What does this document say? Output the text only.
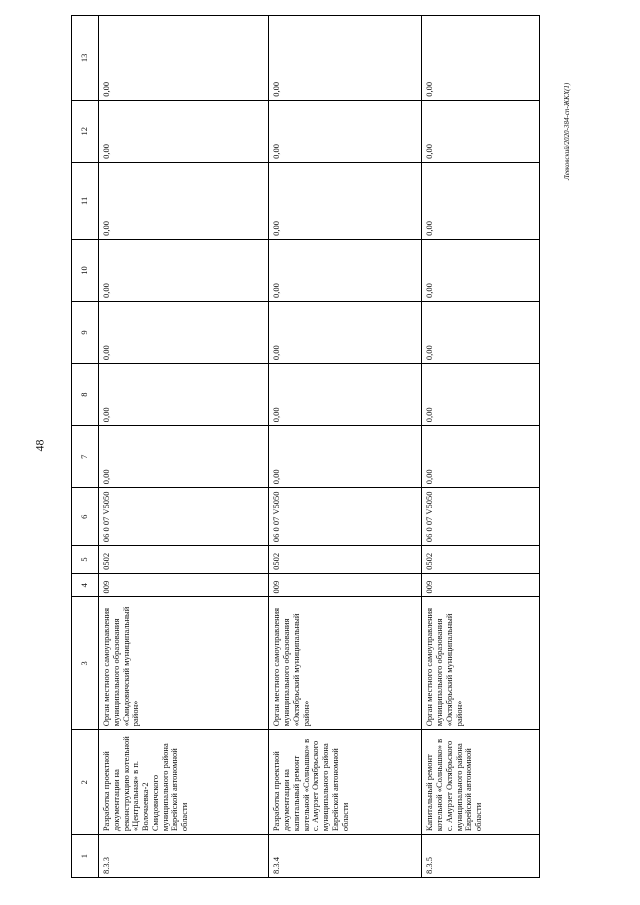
48
Левковский/2020-384-сп-ЖКХ(1)
1	2	3	4	5	6	7	8	9	10	11	12	13
8.3.3	Разработка проектной документации на реконструкцию котельной «Центральная» в п. Волочаевка-2 Смидовичского муниципального района Еврейской автономной области	Орган местного самоуправления муниципального образования «Смидовичский муниципальный район»	009	0502	06 0 07 V5050	0,00	0,00	0,00	0,00	0,00	0,00	0,00
8.3.4	Разработка проектной документации на капитальный ремонт котельной «Солнышко» в с. Амурзет Октябрьского муниципального района Еврейской автономной области	Орган местного самоуправления муниципального образования «Октябрьский муниципальный район»	009	0502	06 0 07 V5050	0,00	0,00	0,00	0,00	0,00	0,00	0,00
8.3.5	Капитальный ремонт котельной «Солнышко» в с. Амурзет Октябрьского муниципального района Еврейской автономной области	Орган местного самоуправления муниципального образования «Октябрьский муниципальный район»	009	0502	06 0 07 V5050	0,00	0,00	0,00	0,00	0,00	0,00	0,00
